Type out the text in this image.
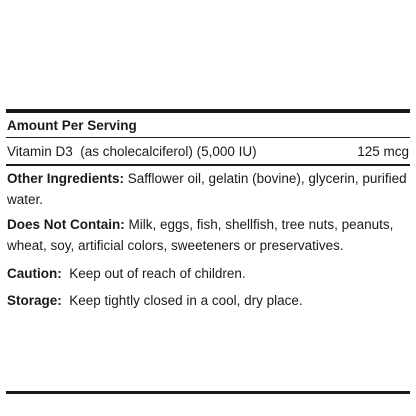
Amount Per Serving
Vitamin D3  (as cholecalciferol) (5,000 IU)	125 mcg
Other Ingredients: Safflower oil, gelatin (bovine), glycerin, purified water.
Does Not Contain: Milk, eggs, fish, shellfish, tree nuts, peanuts, wheat, soy, artificial colors, sweeteners or preservatives.
Caution:  Keep out of reach of children.
Storage:  Keep tightly closed in a cool, dry place.
